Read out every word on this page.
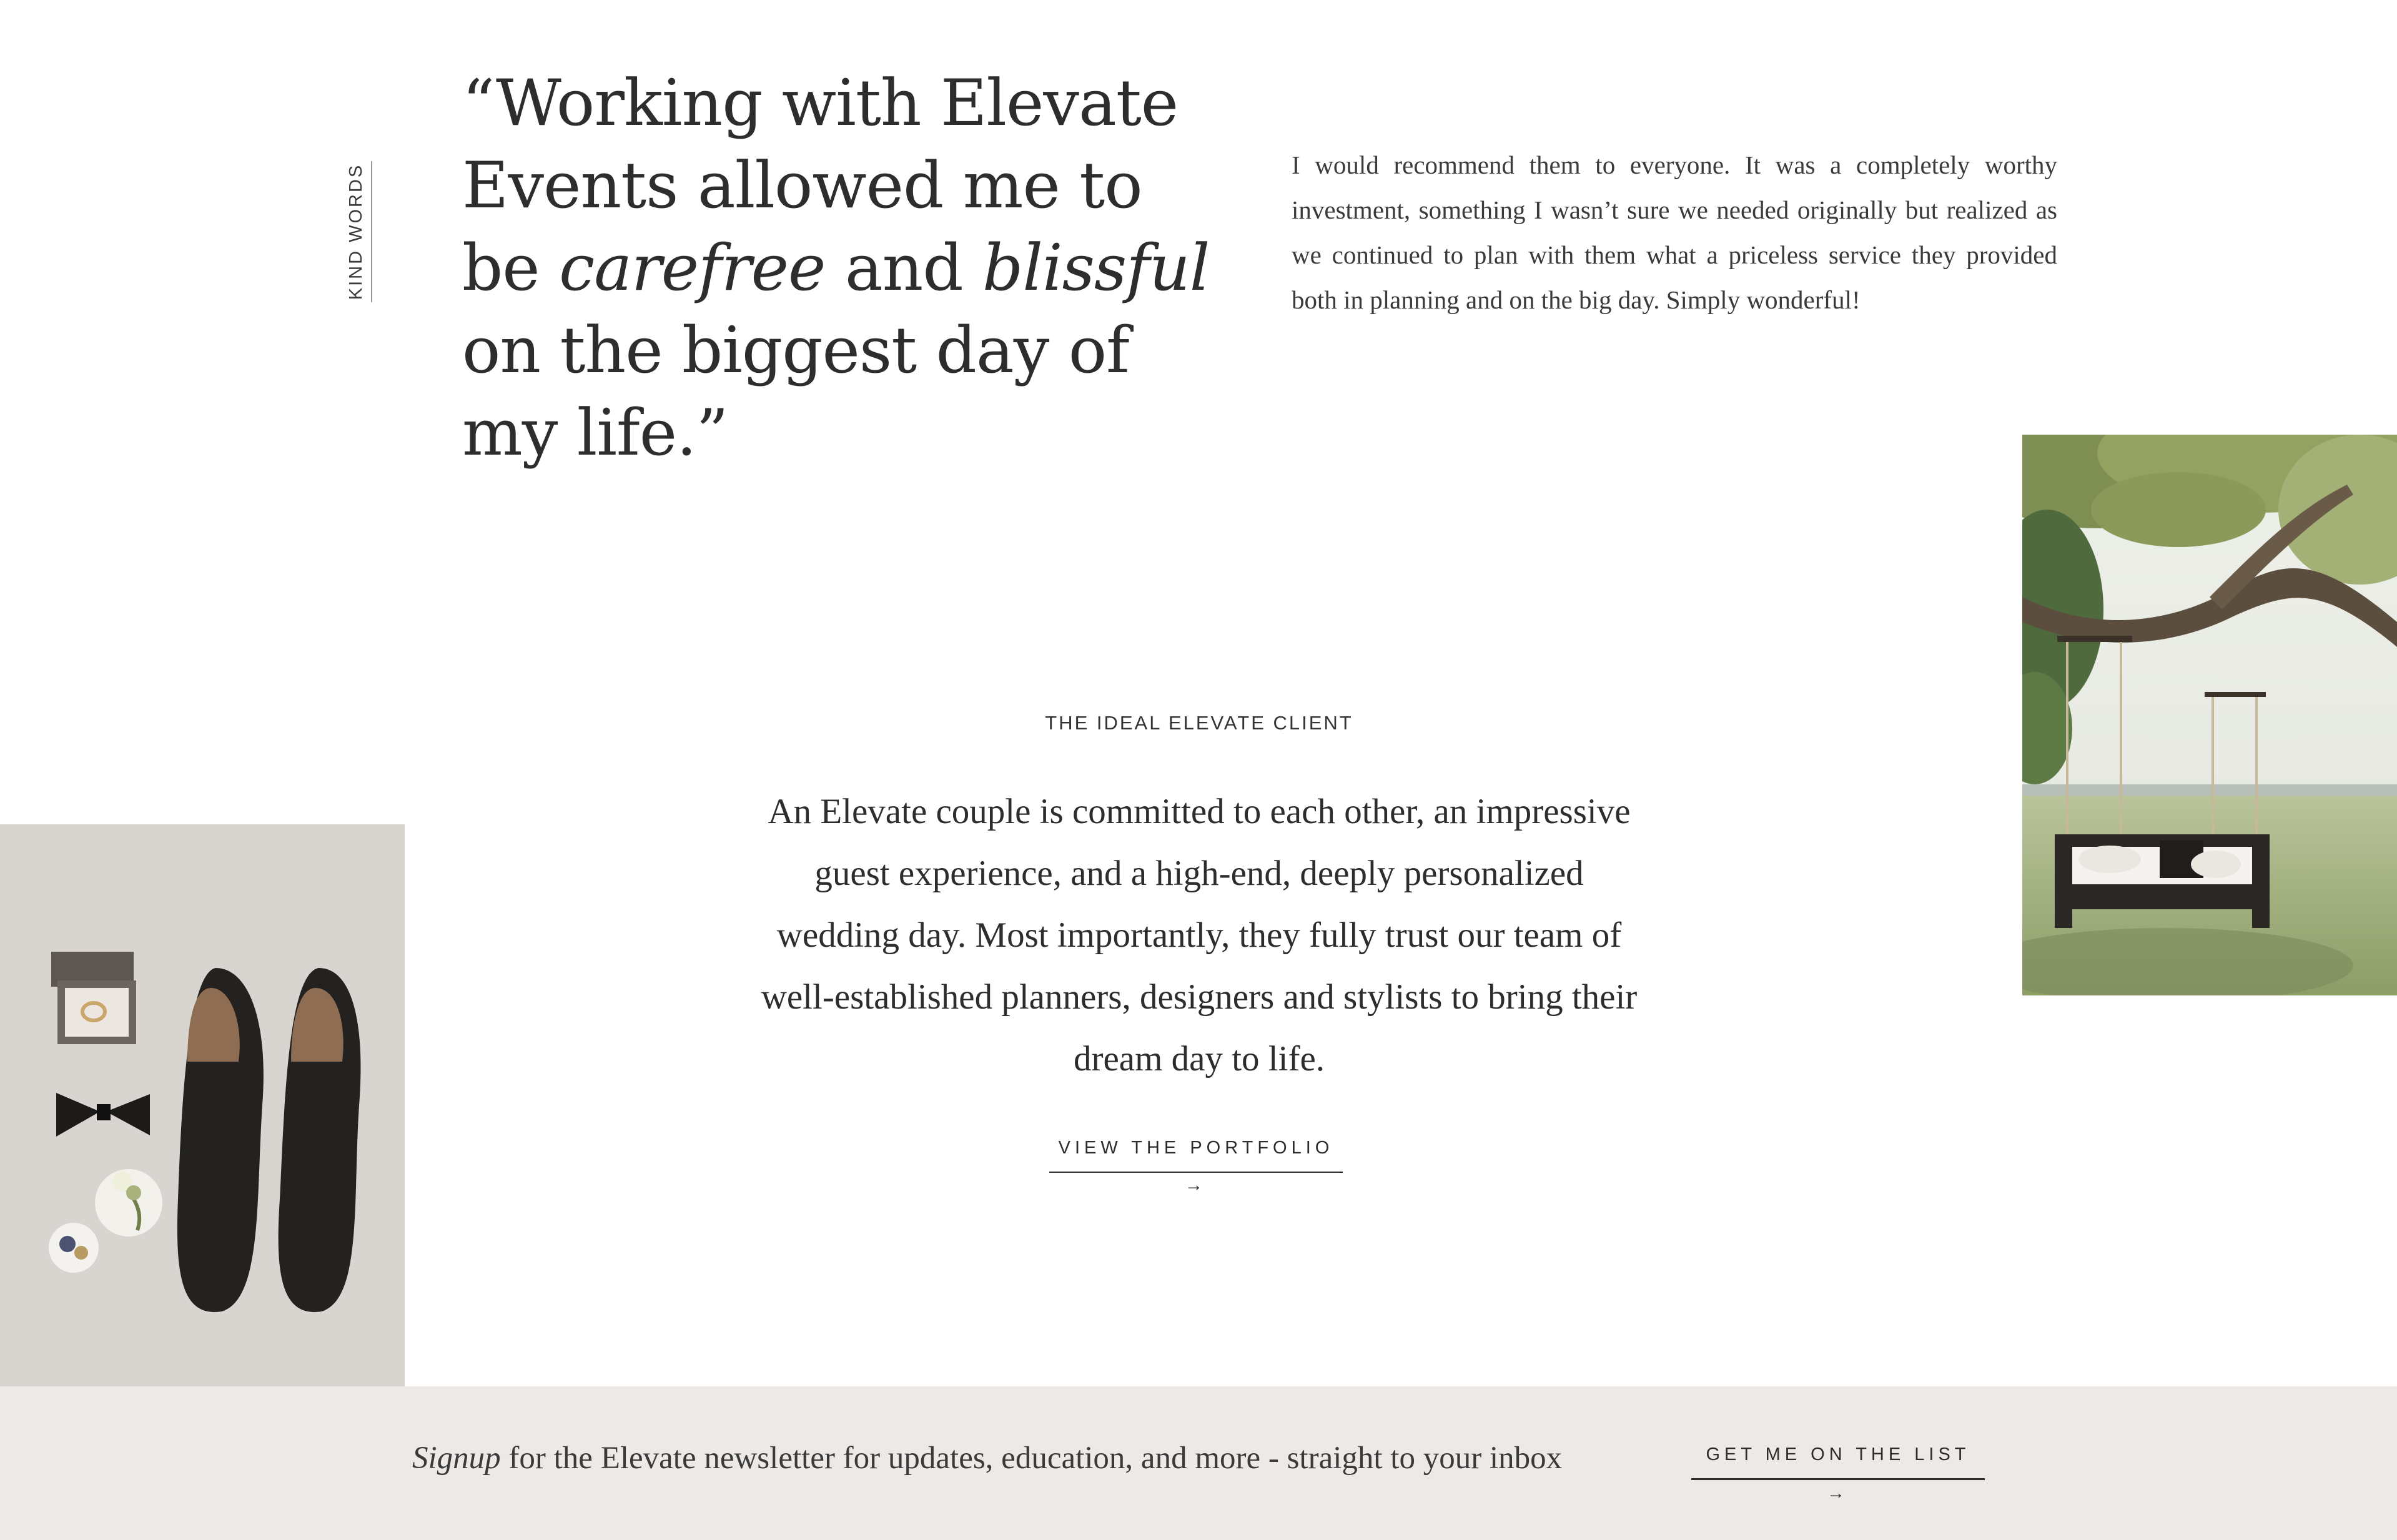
KIND WORDS
“Working with Elevate Events allowed me to be carefree and blissful on the biggest day of my life.”
I would recommend them to everyone. It was a completely worthy investment, something I wasn’t sure we needed originally but realized as we continued to plan with them what a priceless service they provided both in planning and on the big day. Simply wonderful!
THE IDEAL ELEVATE CLIENT
An Elevate couple is committed to each other, an impressive guest experience, and a high-end, deeply personalized wedding day. Most importantly, they fully trust our team of well-established planners, designers and stylists to bring their dream day to life.
VIEW THE PORTFOLIO →
Signup for the Elevate newsletter for updates, education, and more - straight to your inbox	GET ME ON THE LIST →
